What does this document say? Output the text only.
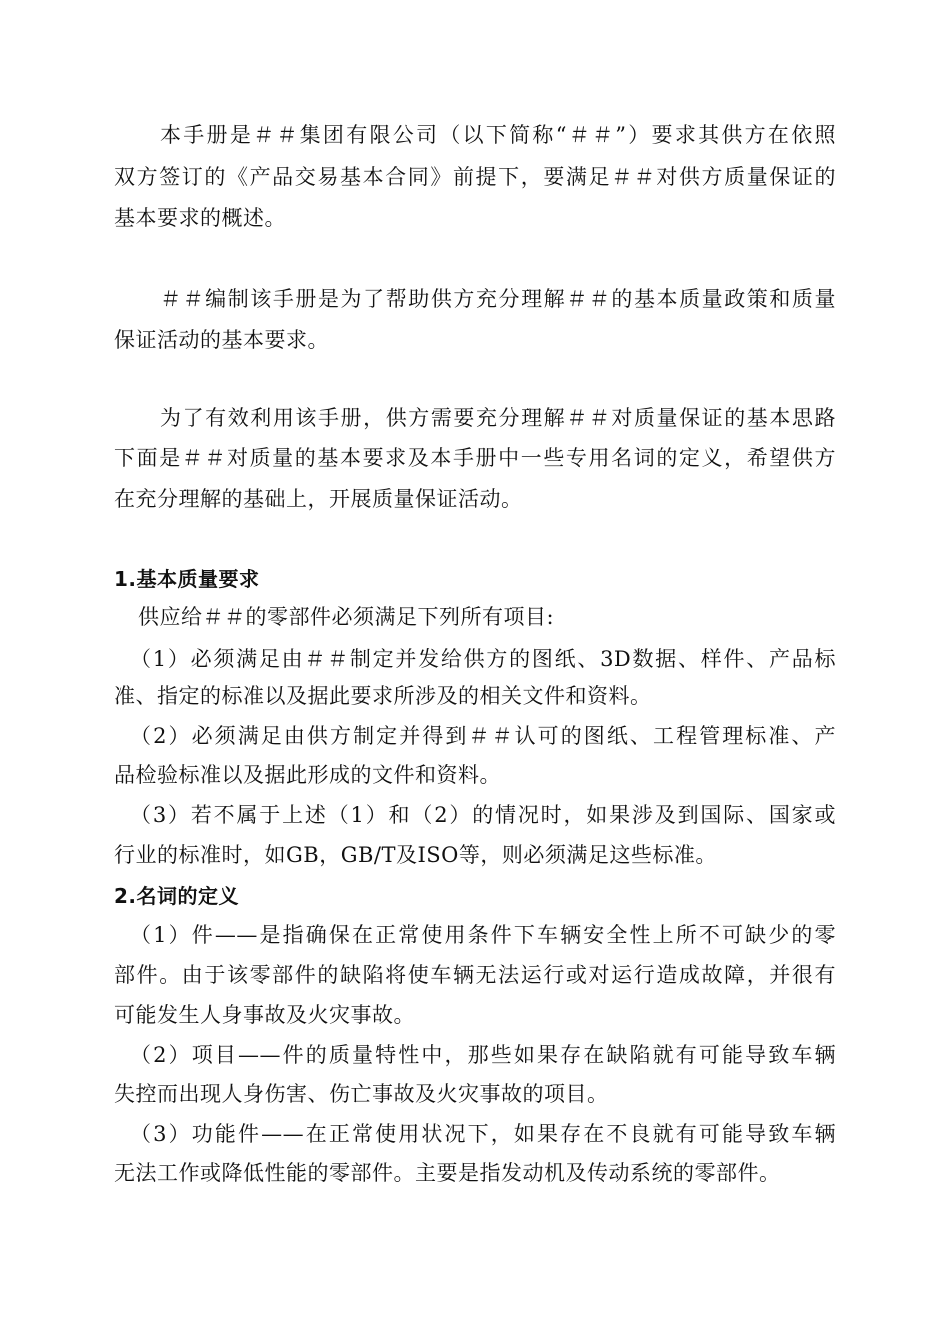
本手册是＃＃集团有限公司（以下简称“＃＃”）要求其供方在依照
双方签订的《产品交易基本合同》前提下，要满足＃＃对供方质量保证的
基本要求的概述。
＃＃编制该手册是为了帮助供方充分理解＃＃的基本质量政策和质量
保证活动的基本要求。
为了有效利用该手册，供方需要充分理解＃＃对质量保证的基本思路
下面是＃＃对质量的基本要求及本手册中一些专用名词的定义，希望供方
在充分理解的基础上，开展质量保证活动。
1.基本质量要求
供应给＃＃的零部件必须满足下列所有项目:
（1）必须满足由＃＃制定并发给供方的图纸、3D数据、样件、产品标
准、指定的标准以及据此要求所涉及的相关文件和资料。
（2）必须满足由供方制定并得到＃＃认可的图纸、工程管理标准、产
品检验标准以及据此形成的文件和资料。
（3）若不属于上述（1）和（2）的情况时，如果涉及到国际、国家或
行业的标准时，如GB，GB/T及ISO等，则必须满足这些标准。
2.名词的定义
（1）件——是指确保在正常使用条件下车辆安全性上所不可缺少的零
部件。由于该零部件的缺陷将使车辆无法运行或对运行造成故障，并很有
可能发生人身事故及火灾事故。
（2）项目——件的质量特性中，那些如果存在缺陷就有可能导致车辆
失控而出现人身伤害、伤亡事故及火灾事故的项目。
（3）功能件——在正常使用状况下，如果存在不良就有可能导致车辆
无法工作或降低性能的零部件。主要是指发动机及传动系统的零部件。
